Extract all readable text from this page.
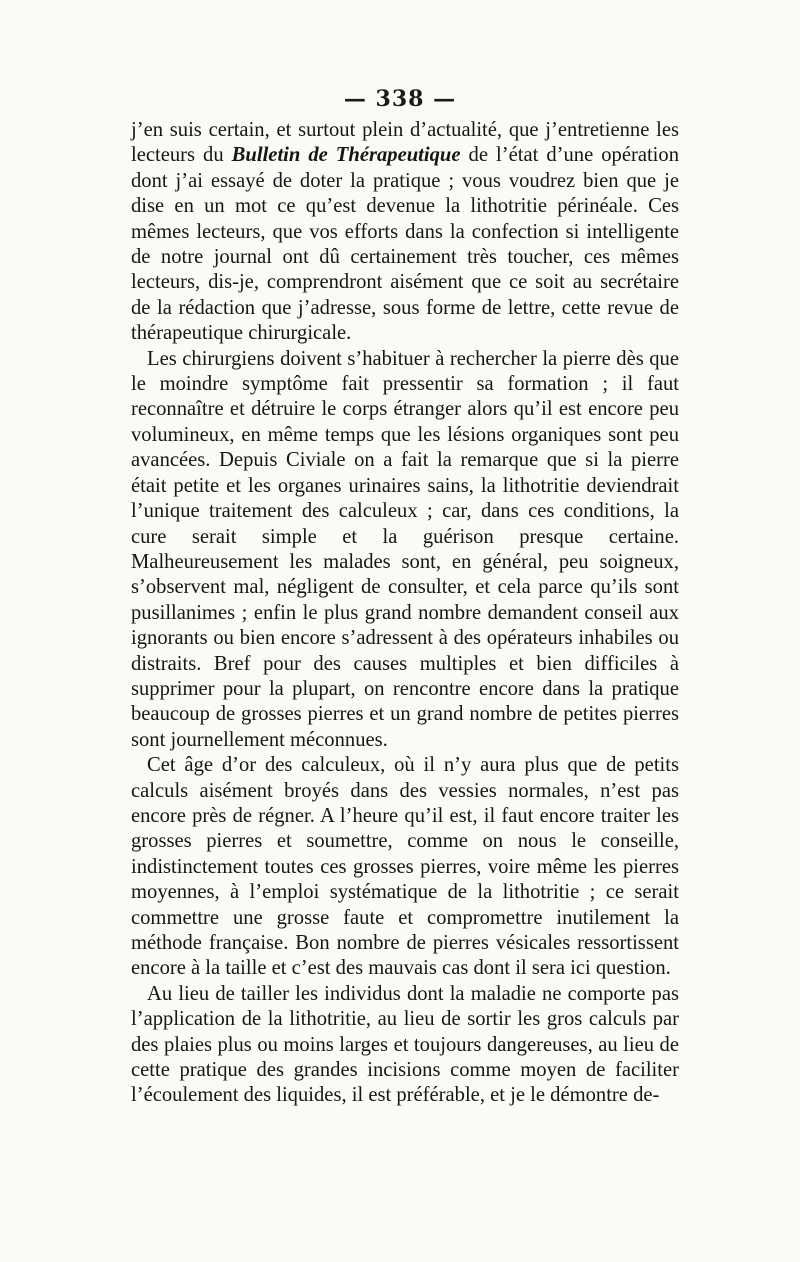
— 338 —

j’en suis certain, et surtout plein d’actualité, que j’entretienne les lecteurs du Bulletin de Thérapeutique de l’état d’une opération dont j’ai essayé de doter la pratique ; vous voudrez bien que je dise en un mot ce qu’est devenue la lithotritie périnéale. Ces mêmes lecteurs, que vos efforts dans la confection si intelligente de notre journal ont dû certainement très toucher, ces mêmes lecteurs, dis-je, comprendront aisément que ce soit au secrétaire de la rédaction que j’adresse, sous forme de lettre, cette revue de thérapeutique chirurgicale.

Les chirurgiens doivent s’habituer à rechercher la pierre dès que le moindre symptôme fait pressentir sa formation ; il faut reconnaître et détruire le corps étranger alors qu’il est encore peu volumineux, en même temps que les lésions organiques sont peu avancées. Depuis Civiale on a fait la remarque que si la pierre était petite et les organes urinaires sains, la lithotritie deviendrait l’unique traitement des calculeux ; car, dans ces conditions, la cure serait simple et la guérison presque certaine. Malheureusement les malades sont, en général, peu soigneux, s’observent mal, négligent de consulter, et cela parce qu’ils sont pusillanimes ; enfin le plus grand nombre demandent conseil aux ignorants ou bien encore s’adressent à des opérateurs inhabiles ou distraits. Bref pour des causes multiples et bien difficiles à supprimer pour la plupart, on rencontre encore dans la pratique beaucoup de grosses pierres et un grand nombre de petites pierres sont journellement méconnues.

Cet âge d’or des calculeux, où il n’y aura plus que de petits calculs aisément broyés dans des vessies normales, n’est pas encore près de régner. A l’heure qu’il est, il faut encore traiter les grosses pierres et soumettre, comme on nous le conseille, indistinctement toutes ces grosses pierres, voire même les pierres moyennes, à l’emploi systématique de la lithotritie ; ce serait commettre une grosse faute et compromettre inutilement la méthode française. Bon nombre de pierres vésicales ressortissent encore à la taille et c’est des mauvais cas dont il sera ici question.

Au lieu de tailler les individus dont la maladie ne comporte pas l’application de la lithotritie, au lieu de sortir les gros calculs par des plaies plus ou moins larges et toujours dangereuses, au lieu de cette pratique des grandes incisions comme moyen de faciliter l’écoulement des liquides, il est préférable, et je le démontre de-
